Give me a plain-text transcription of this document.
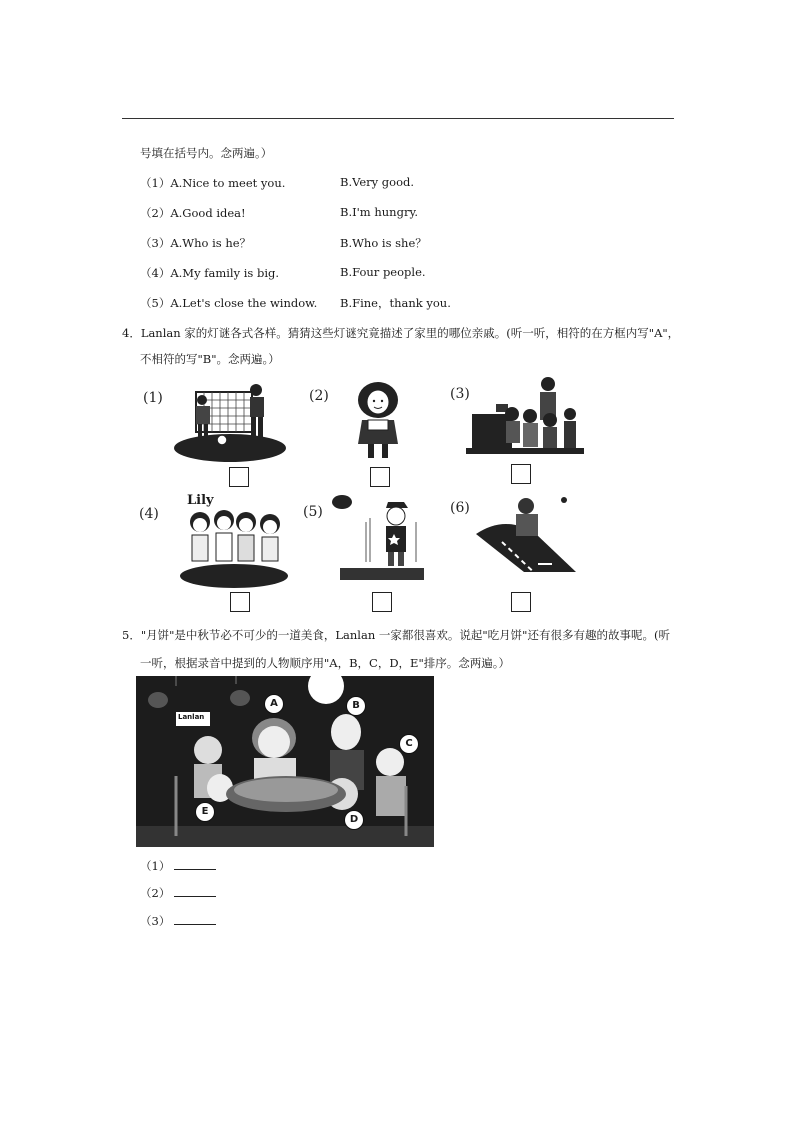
号填在括号内。念两遍。）
（1）A.Nice to meet you.	B.Very good.
（2）A.Good idea!	B.I'm hungry.
（3）A.Who is he？	B.Who is she？
（4）A.My family is big.	B.Four people.
（5）A.Let's close the window. B.Fine，thank you.
4．Lanlan 家的灯谜各式各样。猜猜这些灯谜究竟描述了家里的哪位亲戚。(听一听，相符的在方框内写"A"，
不相符的写"B"。念两遍。）
(1)	(2)	(3)
(4)	(5)	(6)
Lily
5．"月饼"是中秋节必不可少的一道美食，Lanlan 一家都很喜欢。说起"吃月饼"还有很多有趣的故事呢。(听
一听，根据录音中提到的人物顺序用"A，B，C，D，E"排序。念两遍。）
Lanlan
A	B
C
D
E
（1）
（2）
（3）
